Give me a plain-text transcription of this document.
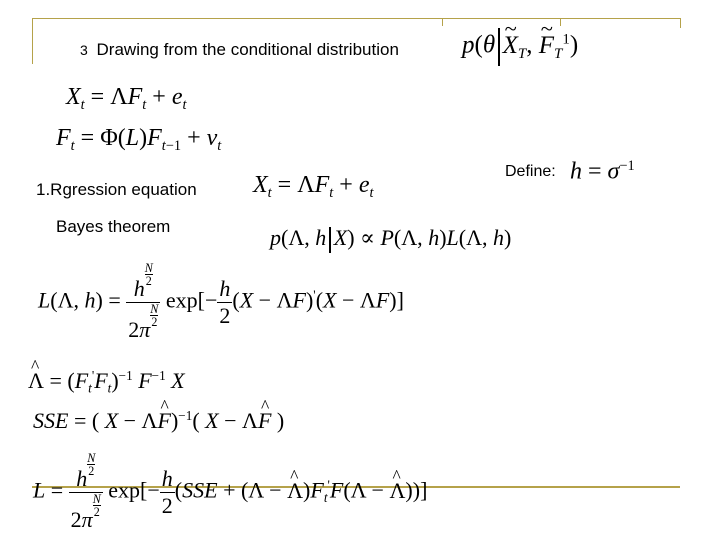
3 Drawing from the conditional distribution	p(θ~ $X_T$, ~ $F_T^1$)
$X_t = \Lambda F_t + e_t$
$F_t = \Phi(L)F_{t-1} + \nu_t$
1.Rgression equation $X_t = \Lambda F_t + e_t$
Define: $h = \sigma^{-1}$
Bayes theorem	p(Λ, h X) ∝ P(Λ, h)L(Λ, h)
L(Λ, h) = h
$\frac{N}{2}$
2π
$\frac{N}{2} \exp[- \frac{h}{2} (X - \Lambda F)'(X - \Lambda F)]$
^ $\Lambda = (F_t'F_t)^{-1}$ $F^{-1}$ X
SSE = ( X − Λ^ F)$^{-1}$( X − Λ^ F )
L = h
$\frac{N}{2}$
2π
$\frac{N}{2} \exp[- \frac{h}{2} (SSE + (\Lambda$ − ^ $\Lambda)F_t'F(\Lambda$ − ^ Λ))]
